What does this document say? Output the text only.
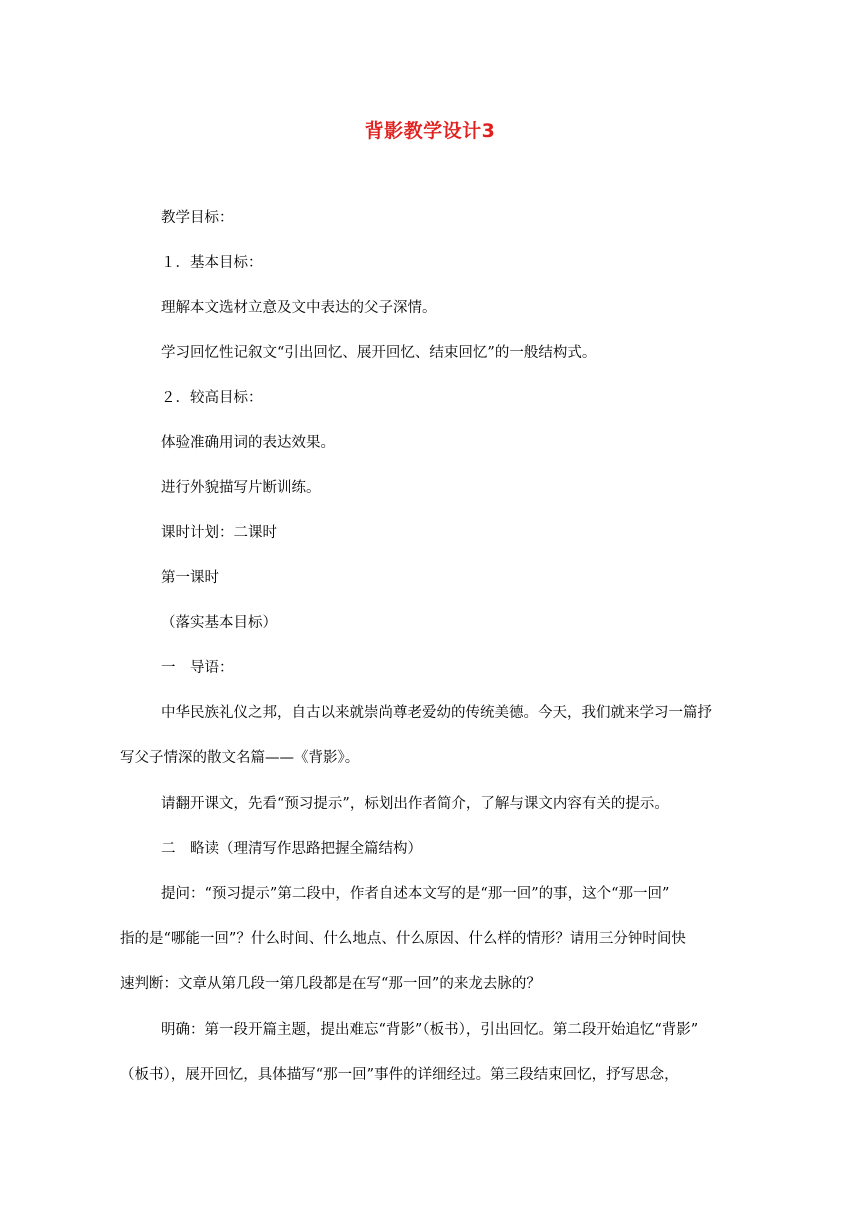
背影教学设计3

教学目标：

１．基本目标：

理解本文选材立意及文中表达的父子深情。

学习回忆性记叙文“引出回忆、展开回忆、结束回忆”的一般结构式。

２．较高目标：

体验准确用词的表达效果。

进行外貌描写片断训练。

课时计划：二课时

第一课时

（落实基本目标）

一　导语：

中华民族礼仪之邦，自古以来就崇尚尊老爱幼的传统美德。今天，我们就来学习一篇抒
写父子情深的散文名篇——《背影》。

请翻开课文，先看“预习提示”，标划出作者简介，了解与课文内容有关的提示。

二　略读（理清写作思路把握全篇结构）

提问：“预习提示”第二段中，作者自述本文写的是“那一回”的事，这个“那一回”
指的是“哪能一回”？什么时间、什么地点、什么原因、什么样的情形？请用三分钟时间快
速判断：文章从第几段一第几段都是在写“那一回”的来龙去脉的？

明确：第一段开篇主题，提出难忘“背影”（板书），引出回忆。第二段开始追忆“背影”
（板书），展开回忆，具体描写“那一回”事件的详细经过。第三段结束回忆，抒写思念，
